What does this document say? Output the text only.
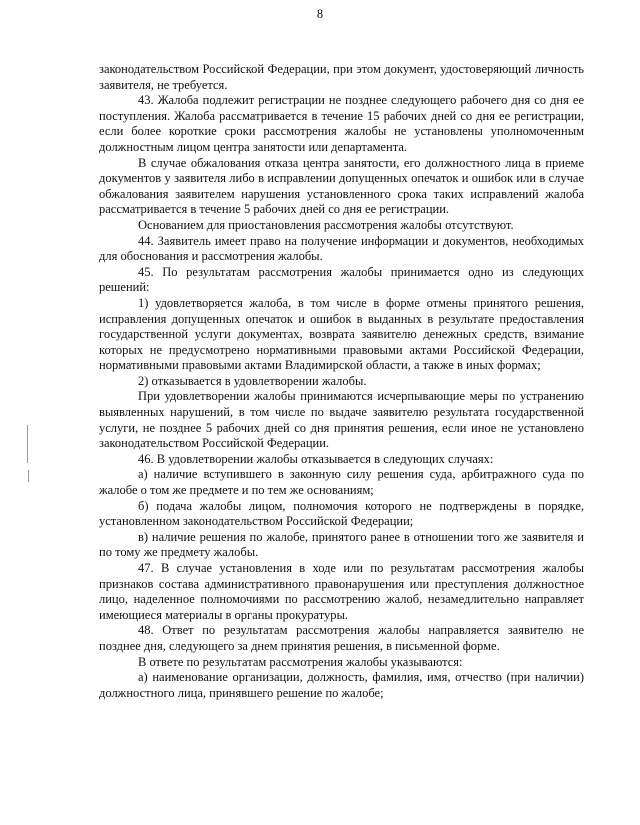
8

законодательством Российской Федерации, при этом документ, удостоверяющий личность заявителя, не требуется.

43. Жалоба подлежит регистрации не позднее следующего рабочего дня со дня ее поступления. Жалоба рассматривается в течение 15 рабочих дней со дня ее регистрации, если более короткие сроки рассмотрения жалобы не установлены уполномоченным должностным лицом центра занятости или департамента.

В случае обжалования отказа центра занятости, его должностного лица в приеме документов у заявителя либо в исправлении допущенных опечаток и ошибок или в случае обжалования заявителем нарушения установленного срока таких исправлений жалоба рассматривается в течение 5 рабочих дней со дня ее регистрации.

Основанием для приостановления рассмотрения жалобы отсутствуют.

44. Заявитель имеет право на получение информации и документов, необходимых для обоснования и рассмотрения жалобы.

45. По результатам рассмотрения жалобы принимается одно из следующих решений:

1) удовлетворяется жалоба, в том числе в форме отмены принятого решения, исправления допущенных опечаток и ошибок в выданных в результате предоставления государственной услуги документах, возврата заявителю денежных средств, взимание которых не предусмотрено нормативными правовыми актами Российской Федерации, нормативными правовыми актами Владимирской области, а также в иных формах;

2) отказывается в удовлетворении жалобы.

При удовлетворении жалобы принимаются исчерпывающие меры по устранению выявленных нарушений, в том числе по выдаче заявителю результата государственной услуги, не позднее 5 рабочих дней со дня принятия решения, если иное не установлено законодательством Российской Федерации.

46. В удовлетворении жалобы отказывается в следующих случаях:

а) наличие вступившего в законную силу решения суда, арбитражного суда по жалобе о том же предмете и по тем же основаниям;

б) подача жалобы лицом, полномочия которого не подтверждены в порядке, установленном законодательством Российской Федерации;

в) наличие решения по жалобе, принятого ранее в отношении того же заявителя и по тому же предмету жалобы.

47. В случае установления в ходе или по результатам рассмотрения жалобы признаков состава административного правонарушения или преступления должностное лицо, наделенное полномочиями по рассмотрению жалоб, незамедлительно направляет имеющиеся материалы в органы прокуратуры.

48. Ответ по результатам рассмотрения жалобы направляется заявителю не позднее дня, следующего за днем принятия решения, в письменной форме.

В ответе по результатам рассмотрения жалобы указываются:

а) наименование организации, должность, фамилия, имя, отчество (при наличии) должностного лица, принявшего решение по жалобе;
